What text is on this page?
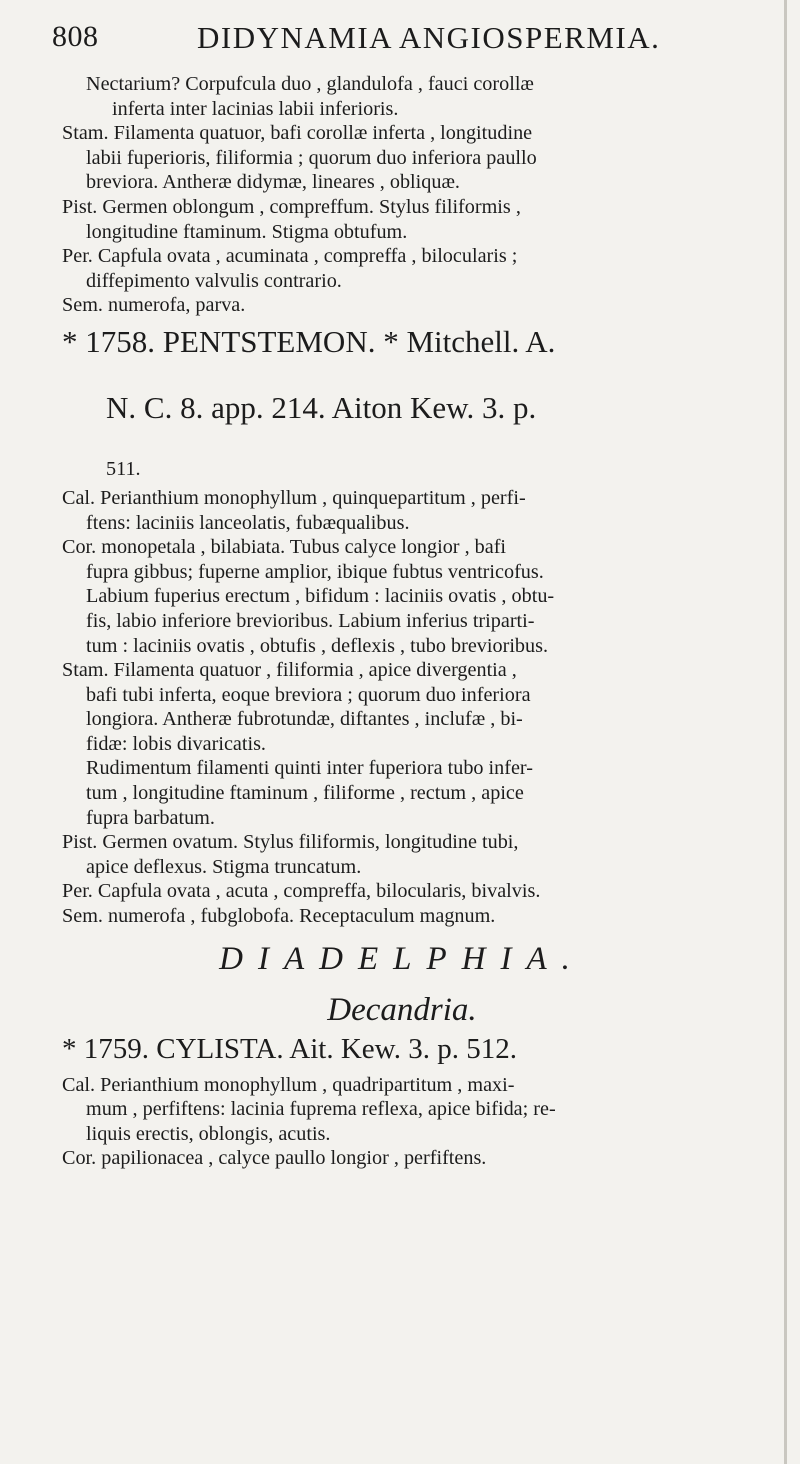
808	DIDYNAMIA ANGIOSPERMIA.

Nectarium? Corpufcula duo , glandulofa , fauci corollæ

inferta inter lacinias labii inferioris.

Stam. Filamenta quatuor, bafi corollæ inferta , longitudine

labii fuperioris, filiformia ; quorum duo inferiora paullo

breviora. Antheræ didymæ, lineares , obliquæ.

Pist. Germen oblongum , compreffum. Stylus filiformis ,

longitudine ftaminum. Stigma obtufum.

Per. Capfula ovata , acuminata , compreffa , bilocularis ;

diffepimento valvulis contrario.

Sem. numerofa, parva.

* 1758. PENTSTEMON. * Mitchell. A.

N. C. 8. app. 214. Aiton Kew. 3. p.

511.

Cal. Perianthium monophyllum , quinquepartitum , perfi-

ftens: laciniis lanceolatis, fubæqualibus.

Cor. monopetala , bilabiata. Tubus calyce longior , bafi

fupra gibbus; fuperne amplior, ibique fubtus ventricofus.

Labium fuperius erectum , bifidum : laciniis ovatis , obtu-

fis, labio inferiore brevioribus. Labium inferius triparti-

tum : laciniis ovatis , obtufis , deflexis , tubo brevioribus.

Stam. Filamenta quatuor , filiformia , apice divergentia ,

bafi tubi inferta, eoque breviora ; quorum duo inferiora

longiora. Antheræ fubrotundæ, diftantes , inclufæ , bi-

fidæ: lobis divaricatis.

Rudimentum filamenti quinti inter fuperiora tubo infer-

tum , longitudine ftaminum , filiforme , rectum , apice

fupra barbatum.

Pist. Germen ovatum. Stylus filiformis, longitudine tubi,

apice deflexus. Stigma truncatum.

Per. Capfula ovata , acuta , compreffa, bilocularis, bivalvis.

Sem. numerofa , fubglobofa. Receptaculum magnum.

DIADELPHIA.

Decandria.

* 1759. CYLISTA. Ait. Kew. 3. p. 512.

Cal. Perianthium monophyllum , quadripartitum , maxi-

mum , perfiftens: lacinia fuprema reflexa, apice bifida; re-

liquis erectis, oblongis, acutis.

Cor. papilionacea , calyce paullo longior , perfiftens.
